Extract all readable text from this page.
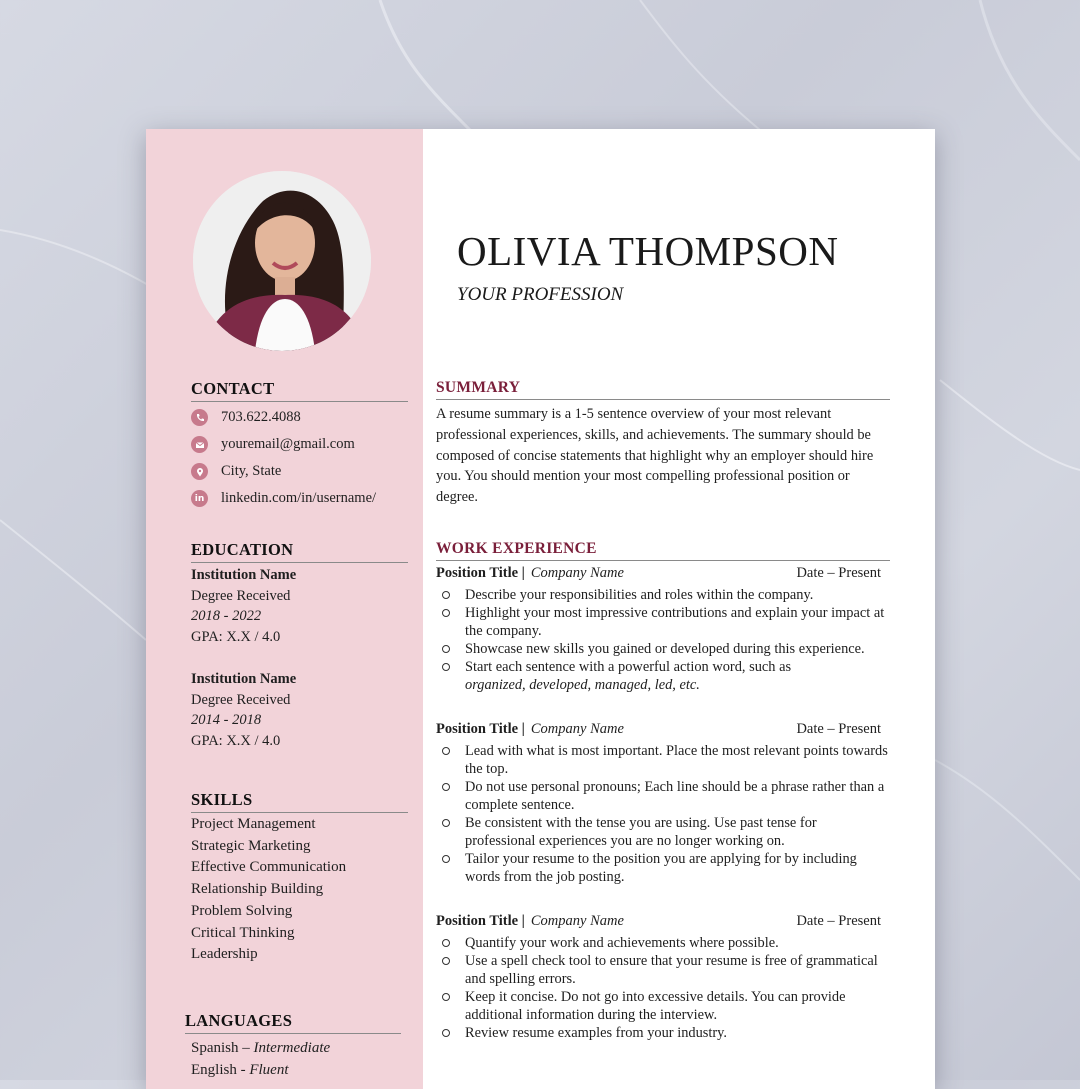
CONTACT
703.622.4088
youremail@gmail.com
City, State
in linkedin.com/in/username/
EDUCATION
Institution Name
Degree Received
2018 - 2022
GPA: X.X / 4.0
Institution Name
Degree Received
2014 - 2018
GPA: X.X / 4.0
SKILLS
Project Management
Strategic Marketing
Effective Communication
Relationship Building
Problem Solving
Critical Thinking
Leadership
LANGUAGES
Spanish – Intermediate
English - Fluent
OLIVIA THOMPSON
YOUR PROFESSION
SUMMARY
A resume summary is a 1-5 sentence overview of your most relevant professional experiences, skills, and achievements. The summary should be composed of concise statements that highlight why an employer should hire you. You should mention your most compelling professional position or degree.
WORK EXPERIENCE
Position Title | Company Name	Date – Present
Describe your responsibilities and roles within the company.
Highlight your most impressive contributions and explain your impact at the company.
Showcase new skills you gained or developed during this experience.
Start each sentence with a powerful action word, such as
organized, developed, managed, led, etc.
Position Title | Company Name	Date – Present
Lead with what is most important. Place the most relevant points towards the top.
Do not use personal pronouns; Each line should be a phrase rather than a complete sentence.
Be consistent with the tense you are using. Use past tense for professional experiences you are no longer working on.
Tailor your resume to the position you are applying for by including words from the job posting.
Position Title | Company Name	Date – Present
Quantify your work and achievements where possible.
Use a spell check tool to ensure that your resume is free of grammatical and spelling errors.
Keep it concise. Do not go into excessive details. You can provide additional information during the interview.
Review resume examples from your industry.
